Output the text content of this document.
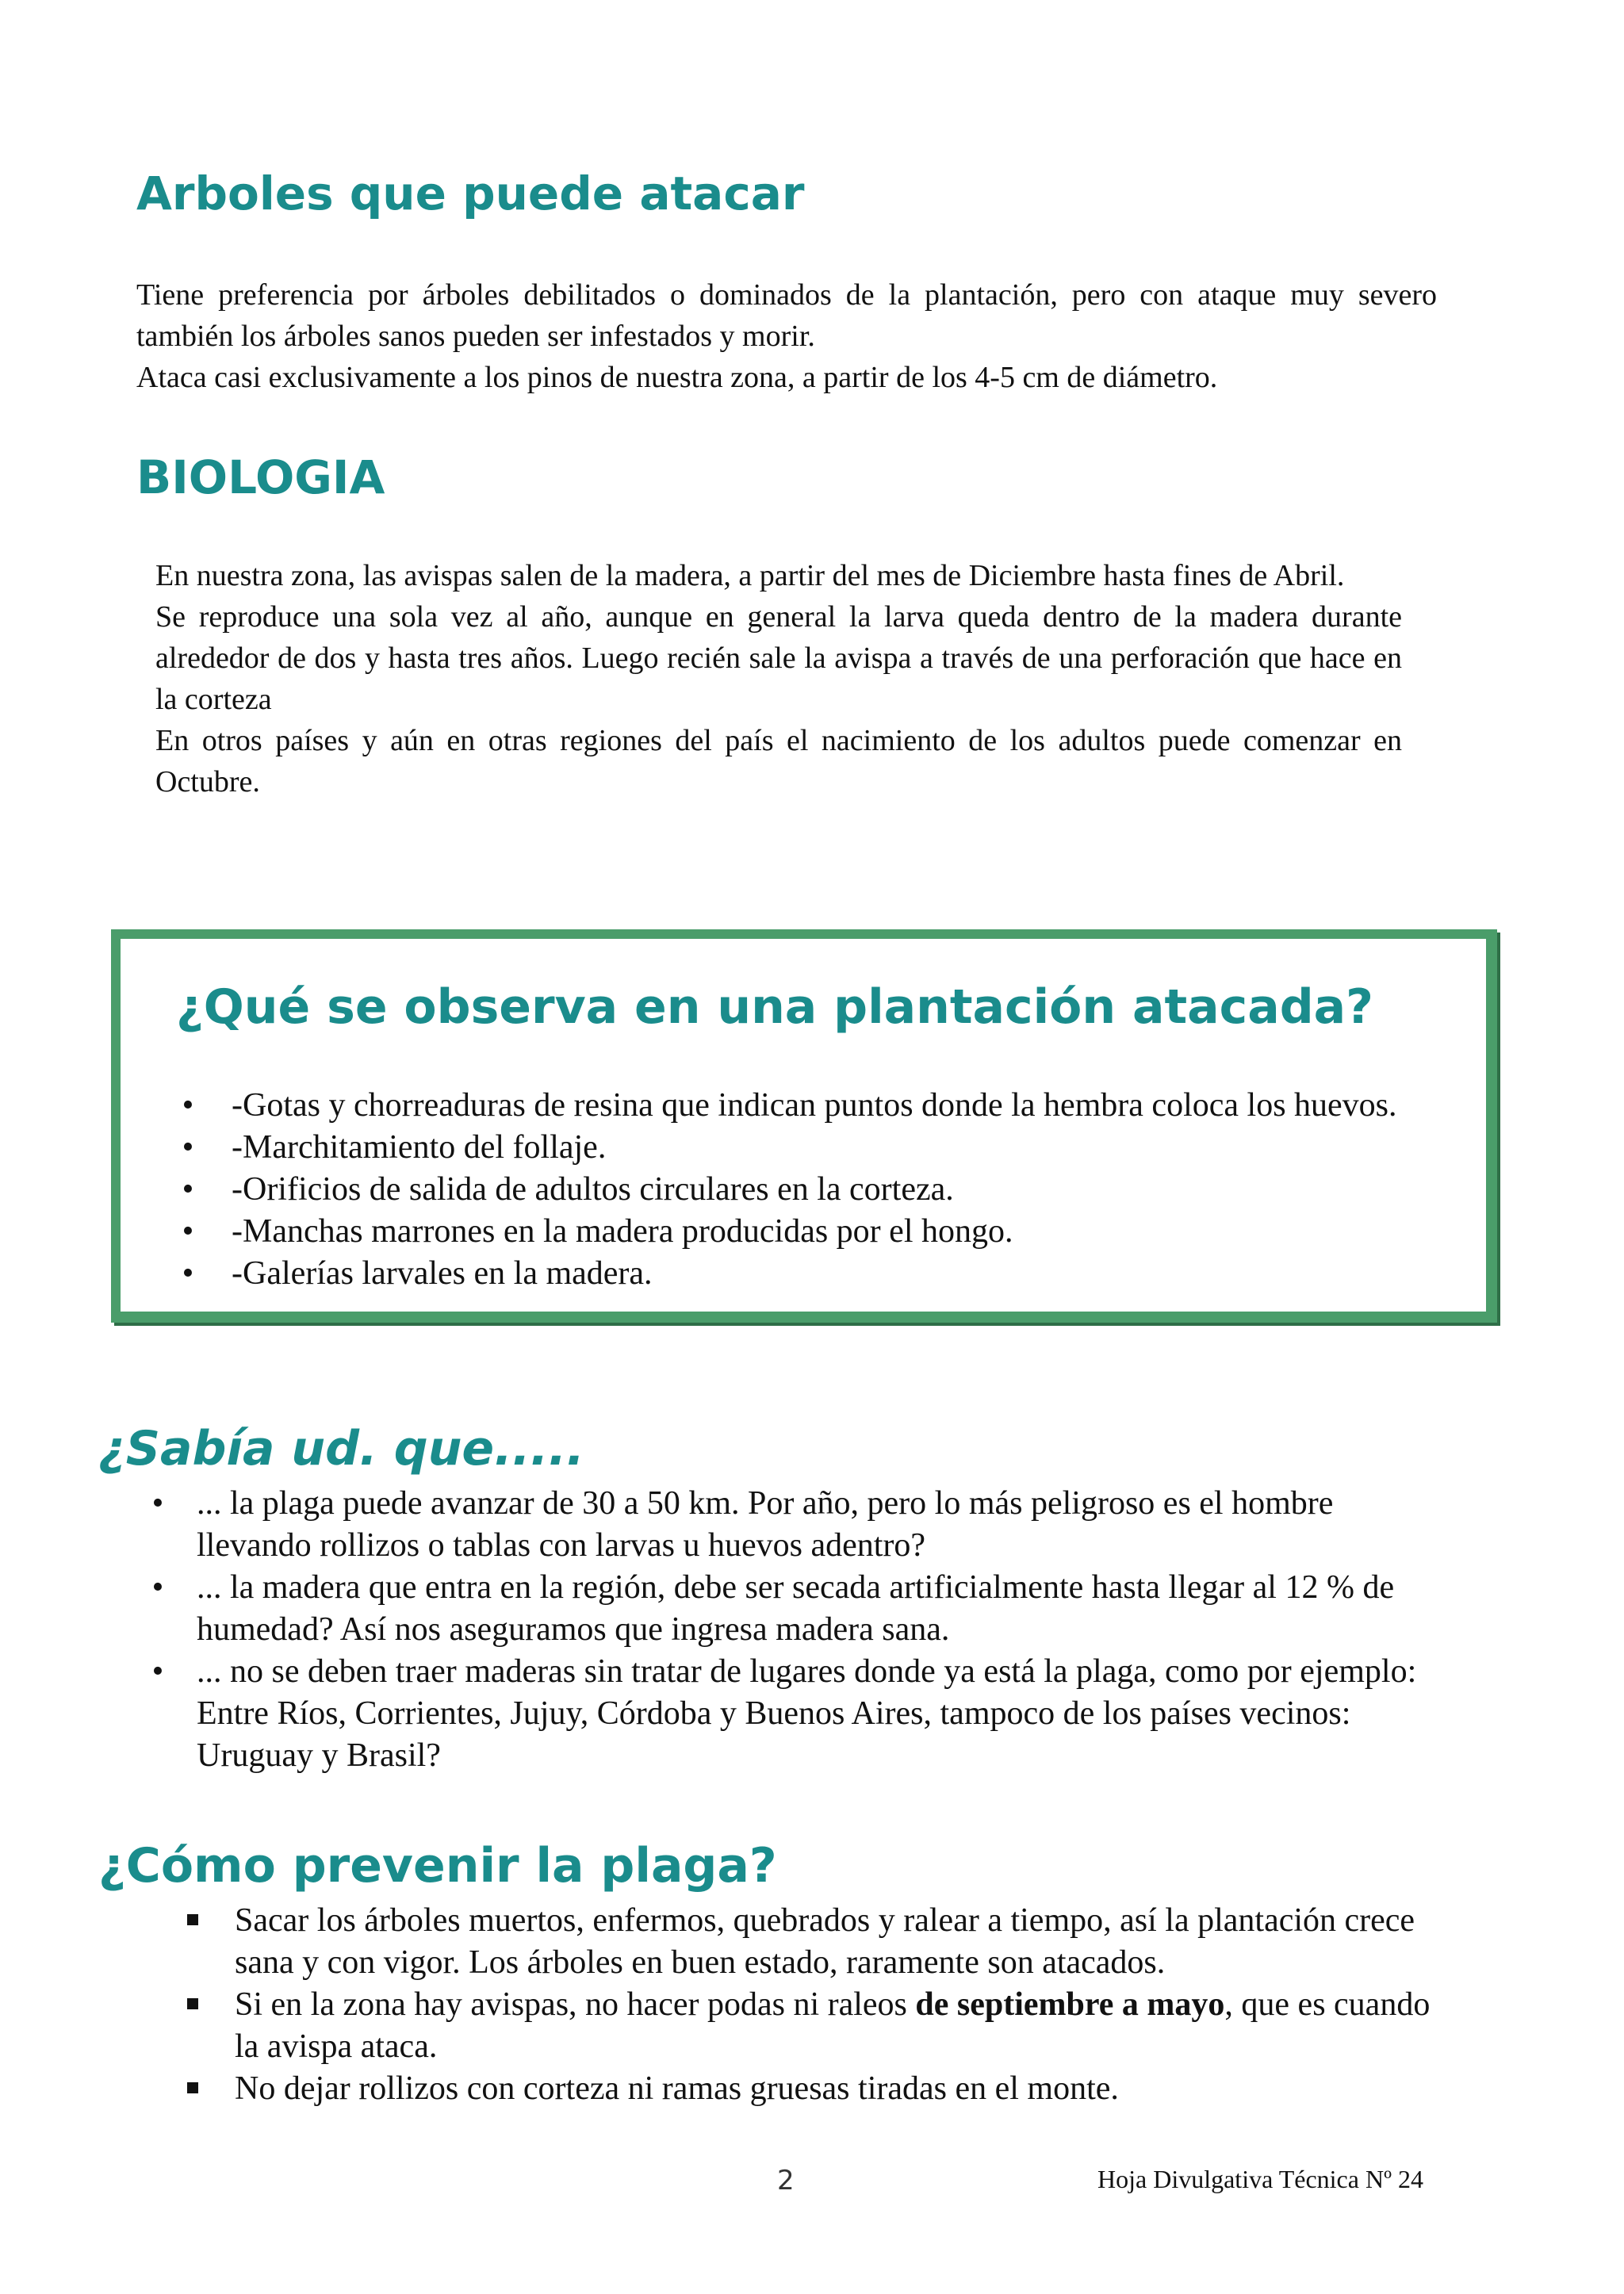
Arboles que puede atacar

Tiene preferencia por árboles debilitados o dominados de la plantación, pero con ataque muy severo también los árboles sanos pueden ser infestados y morir.

Ataca casi exclusivamente a los pinos de nuestra zona, a partir de los 4-5 cm de diámetro.

BIOLOGIA

En nuestra zona, las avispas salen de la madera, a partir del mes de Diciembre hasta fines de Abril.

Se reproduce una sola vez al año, aunque en general la larva queda dentro de la madera durante alrededor de dos y hasta tres años. Luego recién sale la avispa a través de una perforación que hace en la corteza

En otros países y aún en otras regiones del país el nacimiento de los adultos puede comenzar en Octubre.

¿Qué se observa en una plantación atacada?
• -Gotas y chorreaduras de resina que indican puntos donde la hembra coloca los huevos.
• -Marchitamiento del follaje.
• -Orificios de salida de adultos circulares en la corteza.
• -Manchas marrones en la madera producidas por el hongo.
• -Galerías larvales en la madera.
¿Sabía ud. que.....
• ... la plaga puede avanzar de 30 a 50 km. Por año, pero lo más peligroso es el hombre llevando rollizos o tablas con larvas u huevos adentro?
• ... la madera que entra en la región, debe ser secada artificialmente hasta llegar al 12 % de humedad? Así nos aseguramos que ingresa madera sana.
• ... no se deben traer maderas sin tratar de lugares donde ya está la plaga, como por ejemplo: Entre Ríos, Corrientes, Jujuy, Córdoba y Buenos Aires, tampoco de los países vecinos: Uruguay y Brasil?
¿Cómo prevenir la plaga?
Sacar los árboles muertos, enfermos, quebrados y ralear a tiempo, así la plantación crece sana y con vigor. Los árboles en buen estado, raramente son atacados.
Si en la zona hay avispas, no hacer podas ni raleos de septiembre a mayo, que es cuando la avispa ataca.
No dejar rollizos con corteza ni ramas gruesas tiradas en el monte.
2	Hoja Divulgativa Técnica Nº 24
